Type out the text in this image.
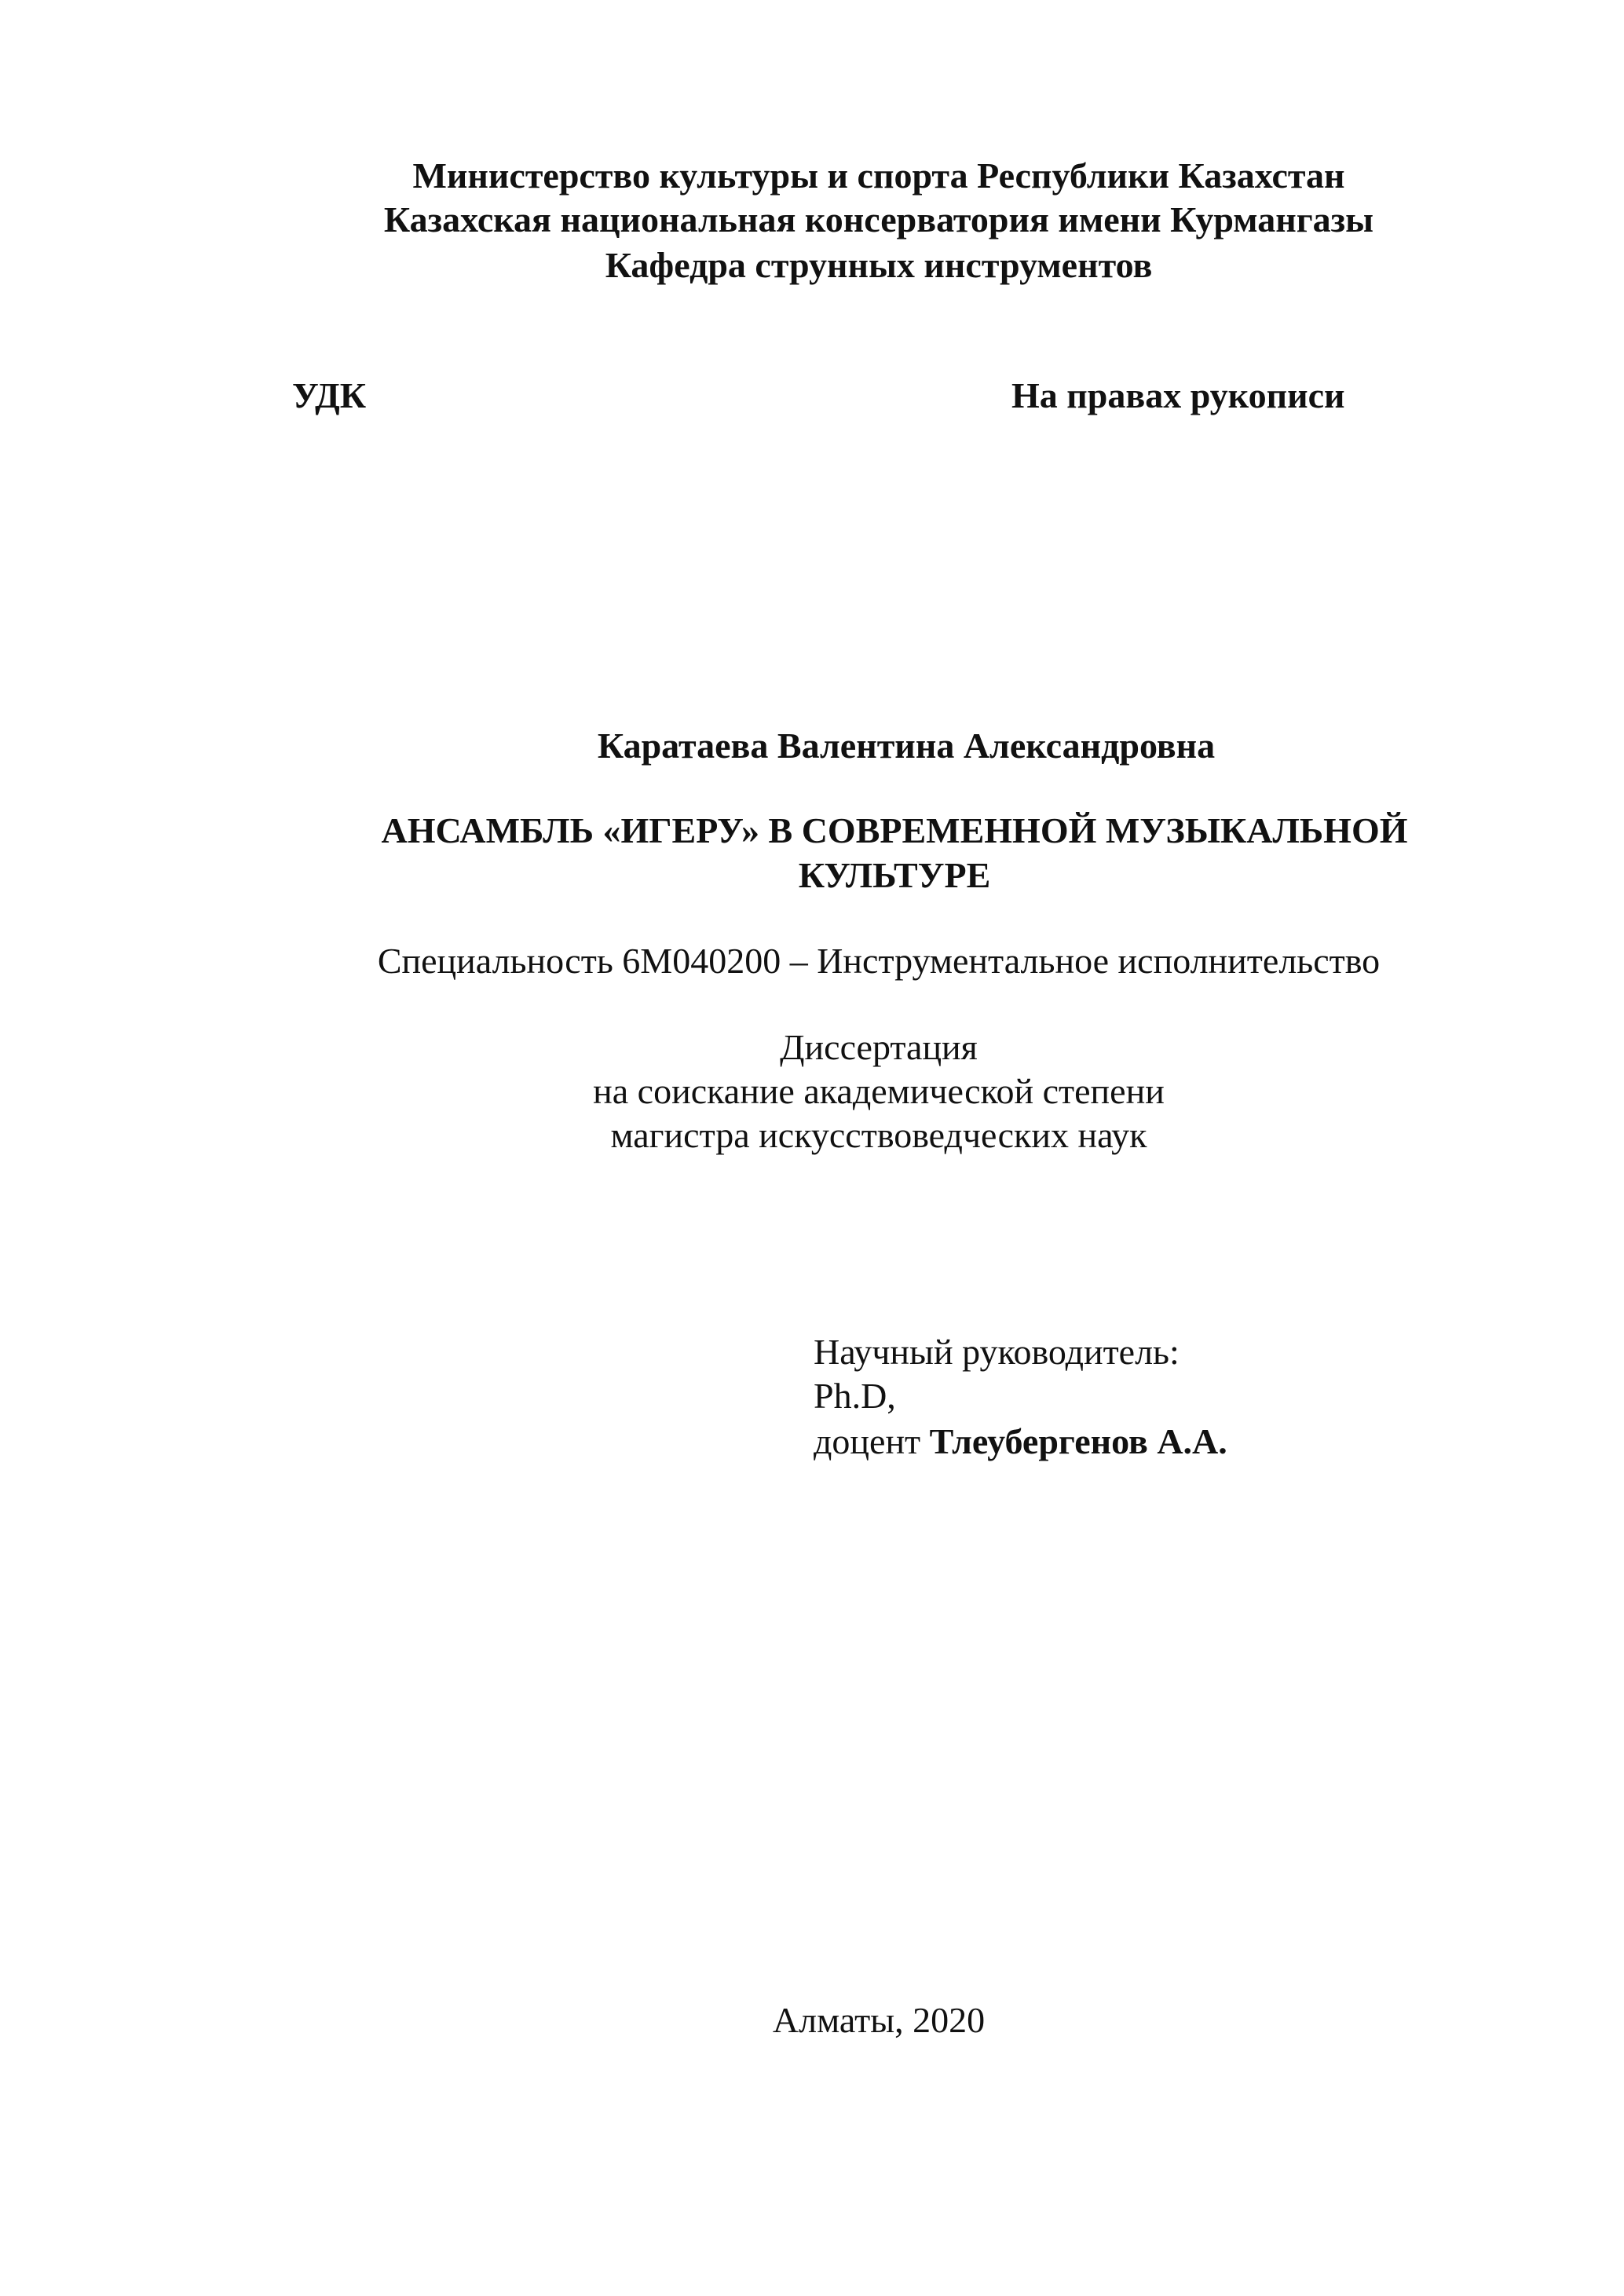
Министерство культуры и спорта Республики Казахстан
Казахская национальная консерватория имени Курмангазы
Кафедра струнных инструментов
УДК	На правах рукописи
Каратаева Валентина Александровна
АНСАМБЛЬ «ИГЕРУ» В СОВРЕМЕННОЙ МУЗЫКАЛЬНОЙ
КУЛЬТУРЕ
Специальность 6М040200 – Инструментальное исполнительство
Диссертация
на соискание академической степени
магистра искусствоведческих наук
Научный руководитель:
Ph.D,
доцент Тлеубергенов А.А.
Алматы, 2020
